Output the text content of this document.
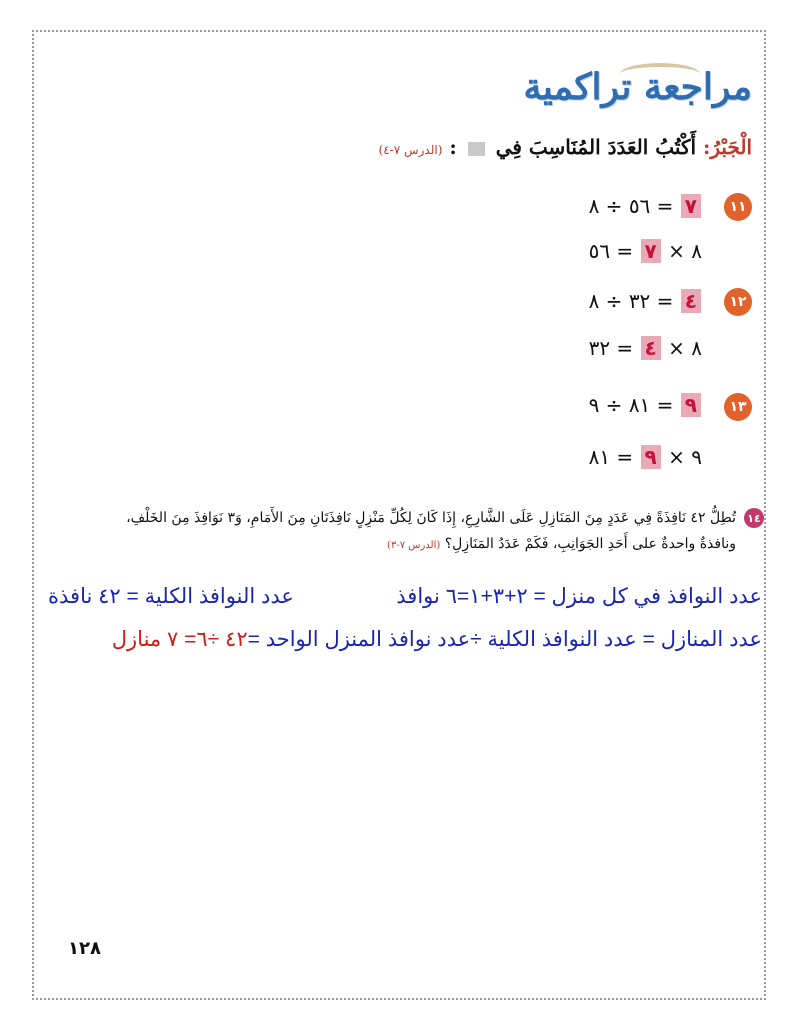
مراجعة تراكمية
الْجَبْرُ: أَكْتُبُ العَدَدَ المُنَاسِبَ فِي  : (الدرس ٧-٤)
١١
٥٦ ÷ ٨ = ٧
٨ × ٧ = ٥٦
١٢
٣٢ ÷ ٨ = ٤
٨ × ٤ = ٣٢
١٣
٨١ ÷ ٩ = ٩
٩ × ٩ = ٨١
١٤
تُطِلُّ ٤٢ نَافِذَةً فِي عَدَدٍ مِنَ المَنَازِلِ عَلَى الشَّارِعِ، إِذَا كَانَ لِكُلِّ مَنْزِلٍ نَافِذَتَانِ مِنَ الأَمَامِ، وَ٣ نَوَافِذَ مِنَ الخَلْفِ، ونافذةٌ واحدةٌ على أَحَدِ الجَوَانِبِ، فَكَمْ عَدَدُ المَنَازِلِ؟ (الدرس ٧-٣)
عدد النوافذ في كل منزل = ٢+٣+١=٦ نوافذ
عدد النوافذ الكلية = ٤٢ نافذة
عدد المنازل = عدد النوافذ الكلية ÷عدد نوافذ المنزل الواحد =٤٢ ÷٦= ٧ منازل
١٢٨
